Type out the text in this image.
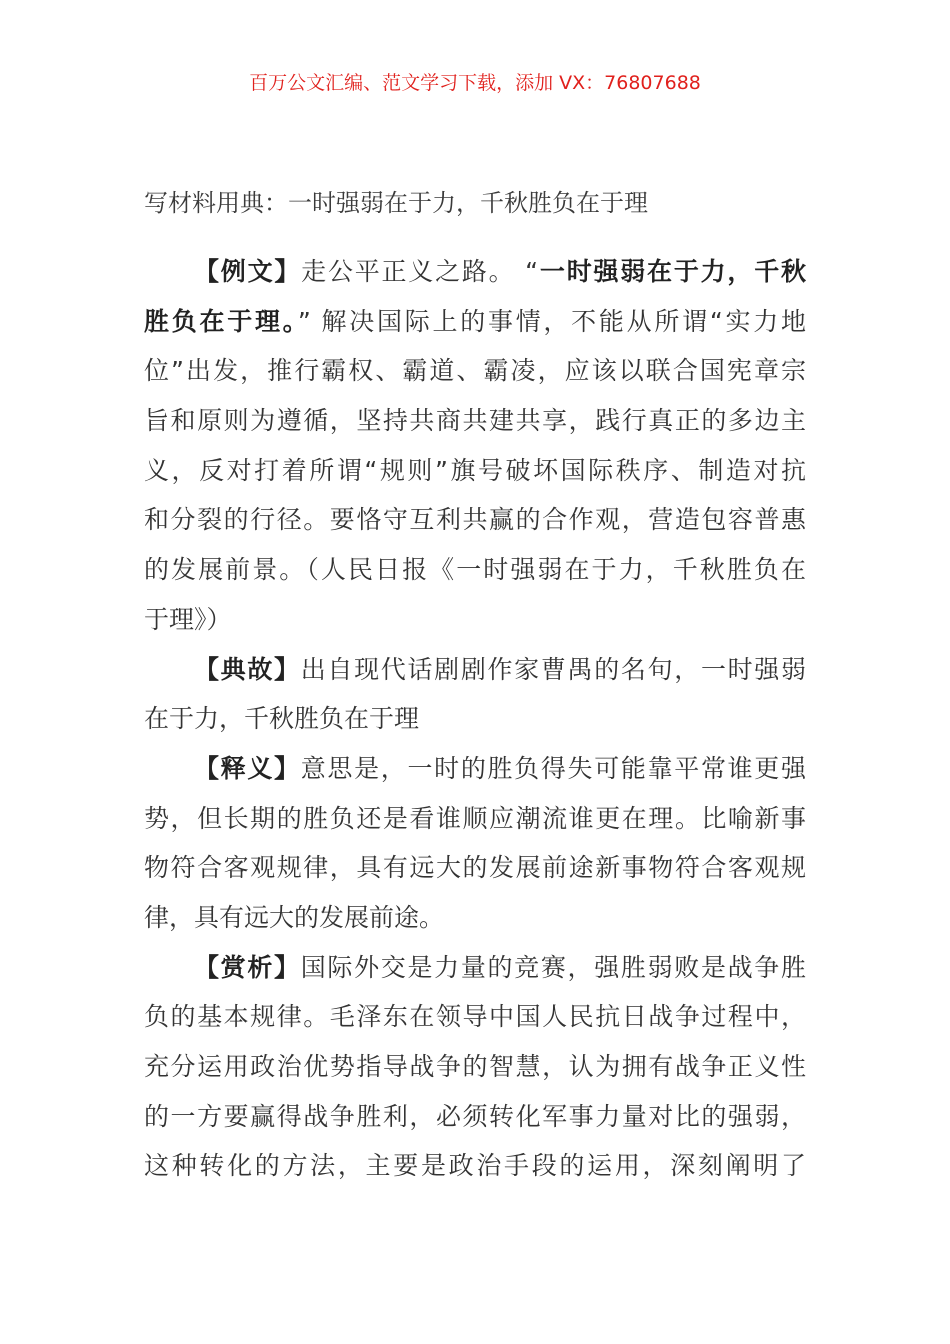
百万公文汇编、范文学习下载，添加 VX：76807688
写材料用典：一时强弱在于力，千秋胜负在于理
【例文】走公平正义之路。 “一时强弱在于力，千秋
胜负在于理。” 解决国际上的事情，不能从所谓“实力地
位”出发，推行霸权、霸道、霸凌，应该以联合国宪章宗
旨和原则为遵循，坚持共商共建共享，践行真正的多边主
义，反对打着所谓“规则”旗号破坏国际秩序、制造对抗
和分裂的行径。要恪守互利共赢的合作观，营造包容普惠
的发展前景。（人民日报《一时强弱在于力，千秋胜负在
于理》）
【典故】出自现代话剧剧作家曹禺的名句，一时强弱
在于力，千秋胜负在于理
【释义】意思是，一时的胜负得失可能靠平常谁更强
势，但长期的胜负还是看谁顺应潮流谁更在理。比喻新事
物符合客观规律，具有远大的发展前途新事物符合客观规
律，具有远大的发展前途。
【赏析】国际外交是力量的竞赛，强胜弱败是战争胜
负的基本规律。毛泽东在领导中国人民抗日战争过程中，
充分运用政治优势指导战争的智慧，认为拥有战争正义性
的一方要赢得战争胜利，必须转化军事力量对比的强弱，
这种转化的方法，主要是政治手段的运用，深刻阐明了
